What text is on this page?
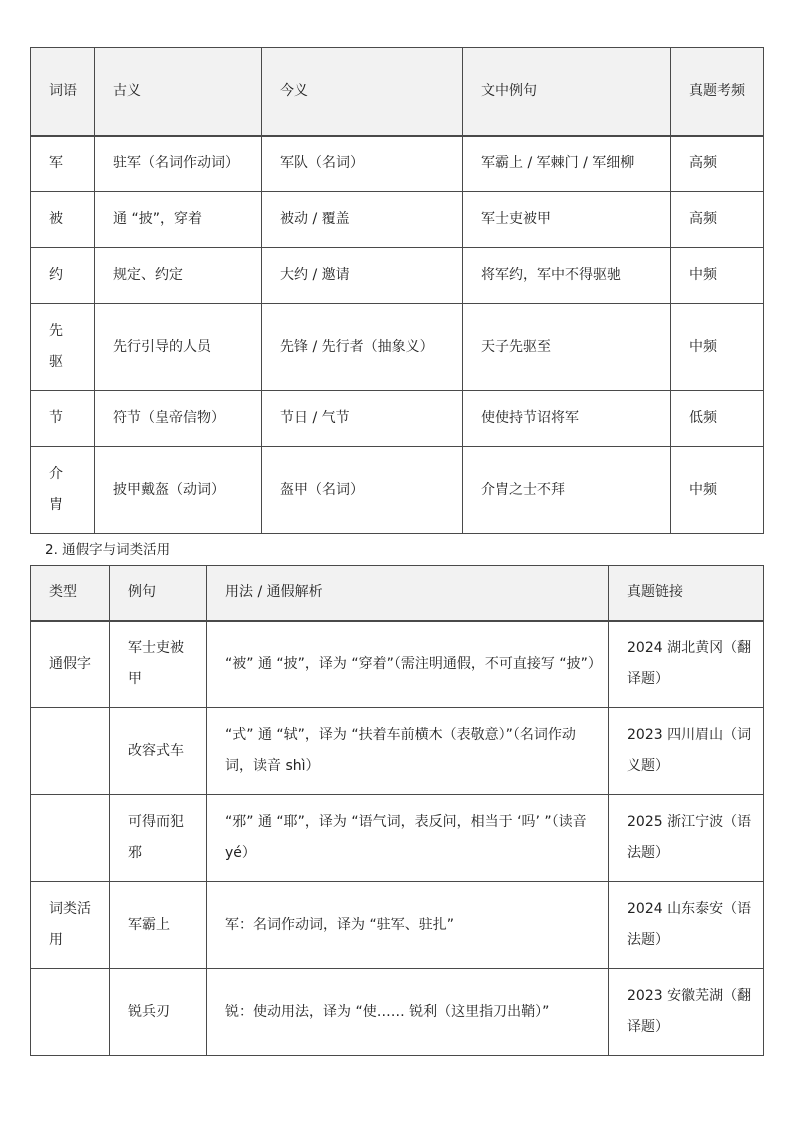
词语	古义	今义	文中例句	真题考频
军	驻军（名词作动词）	军队（名词）	军霸上 / 军棘门 / 军细柳	高频
被	通 “披”，穿着	被动 / 覆盖	军士吏被甲	高频
约	规定、约定	大约 / 邀请	将军约，军中不得驱驰	中频
先驱	先行引导的人员	先锋 / 先行者（抽象义）	天子先驱至	中频
节	符节（皇帝信物）	节日 / 气节	使使持节诏将军	低频
介胄	披甲戴盔（动词）	盔甲（名词）	介胄之士不拜	中频
2. 通假字与词类活用
类型	例句	用法 / 通假解析	真题链接
通假字	军士吏被甲	“被” 通 “披”，译为 “穿着”（需注明通假，不可直接写 “披”）	2024 湖北黄冈（翻译题）
	改容式车	“式” 通 “轼”，译为 “扶着车前横木（表敬意）”（名词作动词，读音 shì）	2023 四川眉山（词义题）
	可得而犯邪	“邪” 通 “耶”，译为 “语气词，表反问，相当于 ‘吗’ ”（读音 yé）	2025 浙江宁波（语法题）
词类活用	军霸上	军：名词作动词，译为 “驻军、驻扎”	2024 山东泰安（语法题）
	锐兵刃	锐：使动用法，译为 “使…… 锐利（这里指刀出鞘）”	2023 安徽芜湖（翻译题）
